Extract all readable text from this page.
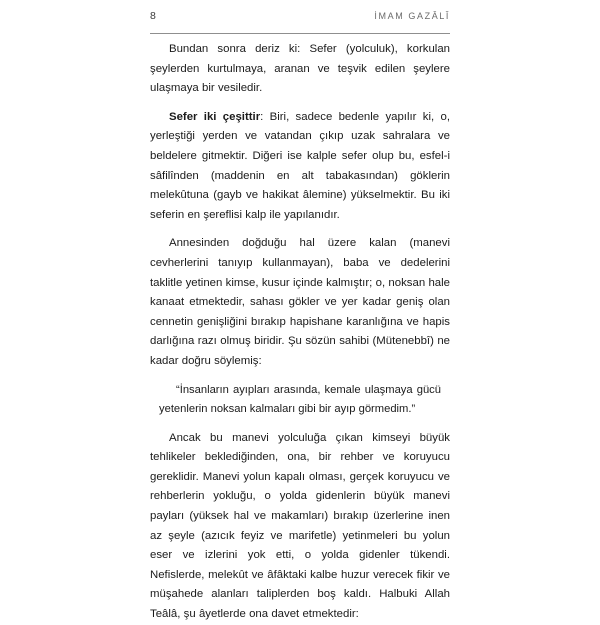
8	İMAM GAZÂLÎ

Bundan sonra deriz ki: Sefer (yolculuk), korkulan şeylerden kurtulmaya, aranan ve teşvik edilen şeylere ulaşmaya bir vesiledir.

Sefer iki çeşittir: Biri, sadece bedenle yapılır ki, o, yerleştiği yerden ve vatandan çıkıp uzak sahralara ve beldelere gitmektir. Diğeri ise kalple sefer olup bu, esfel-i sâfilînden (maddenin en alt tabakasından) göklerin melekûtuna (gayb ve hakikat âlemine) yükselmektir. Bu iki seferin en şereflisi kalp ile yapılanıdır.

Annesinden doğduğu hal üzere kalan (manevi cevherlerini tanıyıp kullanmayan), baba ve dedelerini taklitle yetinen kimse, kusur içinde kalmıştır; o, noksan hale kanaat etmektedir, sahası gökler ve yer kadar geniş olan cennetin genişliğini bırakıp hapishane karanlığına ve hapis darlığına razı olmuş biridir. Şu sözün sahibi (Mütenebbî) ne kadar doğru söylemiş:

“İnsanların ayıpları arasında, kemale ulaşmaya gücü yetenlerin noksan kalmaları gibi bir ayıp görmedim.”

Ancak bu manevi yolculuğa çıkan kimseyi büyük tehlikeler beklediğinden, ona, bir rehber ve koruyucu gereklidir. Manevi yolun kapalı olması, gerçek koruyucu ve rehberlerin yokluğu, o yolda gidenlerin büyük manevi payları (yüksek hal ve makamları) bırakıp üzerlerine inen az şeyle (azıcık feyiz ve marifetle) yetinmeleri bu yolun eser ve izlerini yok etti, o yolda gidenler tükendi. Nefislerde, melekût ve âfâktaki kalbe huzur verecek fikir ve müşahede alanları taliplerden boş kaldı. Halbuki Allah Teâlâ, şu âyetlerde ona davet etmektedir:
